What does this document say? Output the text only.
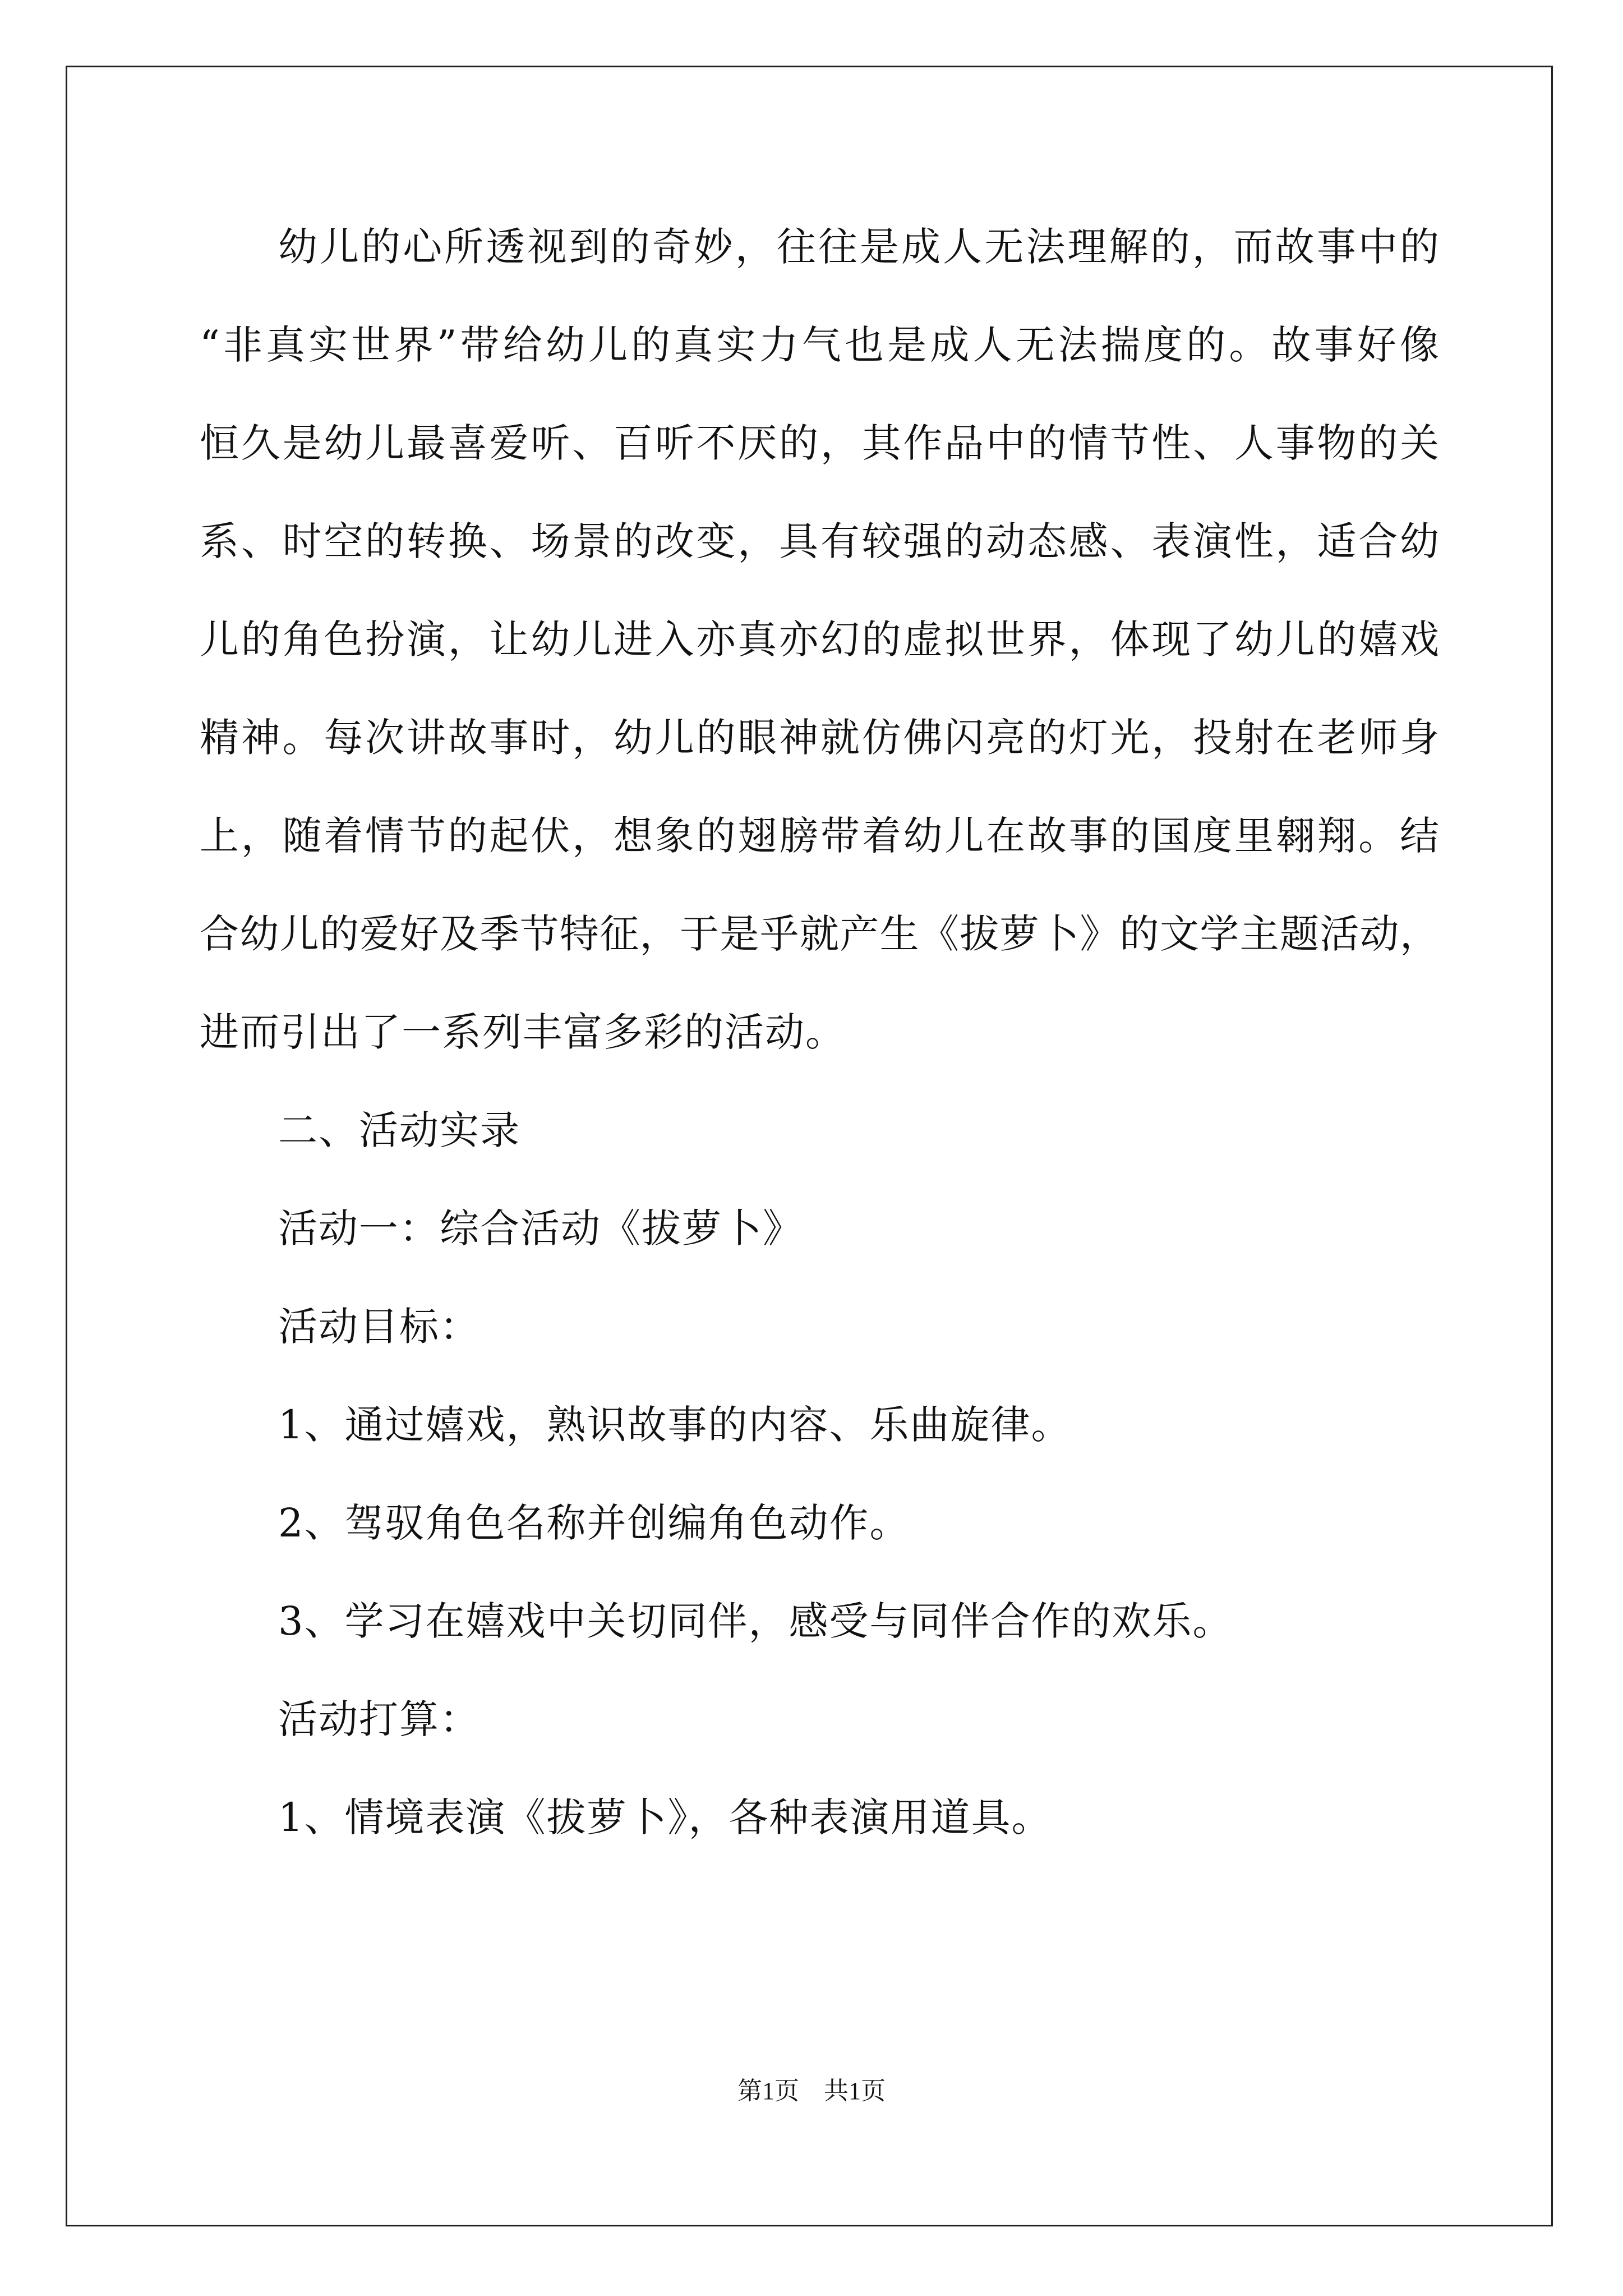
幼儿的心所透视到的奇妙，往往是成人无法理解的，而故事中的
“非真实世界”带给幼儿的真实力气也是成人无法揣度的。故事好像
恒久是幼儿最喜爱听、百听不厌的，其作品中的情节性、人事物的关
系、时空的转换、场景的改变，具有较强的动态感、表演性，适合幼
儿的角色扮演，让幼儿进入亦真亦幻的虚拟世界，体现了幼儿的嬉戏
精神。每次讲故事时，幼儿的眼神就仿佛闪亮的灯光，投射在老师身
上，随着情节的起伏，想象的翅膀带着幼儿在故事的国度里翱翔。结
合幼儿的爱好及季节特征，于是乎就产生《拔萝卜》的文学主题活动，
进而引出了一系列丰富多彩的活动。
二、活动实录
活动一：综合活动《拔萝卜》
活动目标：
1、通过嬉戏，熟识故事的内容、乐曲旋律。
2、驾驭角色名称并创编角色动作。
3、学习在嬉戏中关切同伴，感受与同伴合作的欢乐。
活动打算：
1、情境表演《拔萝卜》，各种表演用道具。
第1页 共1页
